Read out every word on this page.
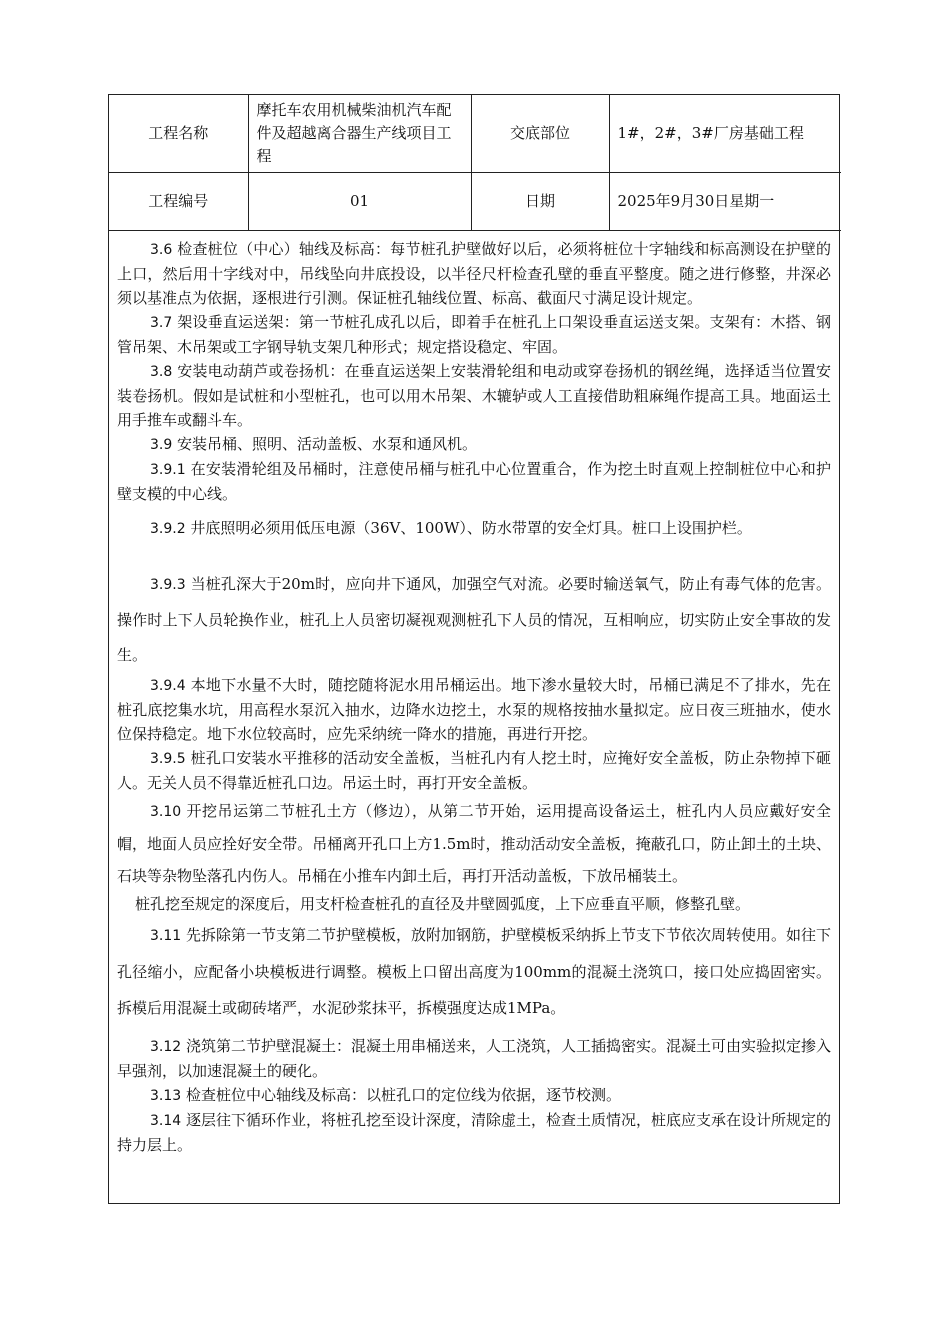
工程名称	摩托车农用机械柴油机汽车配件及超越离合器生产线项目工程	交底部位	1#，2#，3#厂房基础工程
工程编号	01	日期	2025年9月30日星期一

3.6 检查桩位（中心）轴线及标高：每节桩孔护壁做好以后，必须将桩位十字轴线和标高测设在护壁的上口，然后用十字线对中，吊线坠向井底投设，以半径尺杆检查孔壁的垂直平整度。随之进行修整，井深必须以基准点为依据，逐根进行引测。保证桩孔轴线位置、标高、截面尺寸满足设计规定。

3.7 架设垂直运送架：第一节桩孔成孔以后，即着手在桩孔上口架设垂直运送支架。支架有：木搭、钢管吊架、木吊架或工字钢导轨支架几种形式；规定搭设稳定、牢固。

3.8 安装电动葫芦或卷扬机：在垂直运送架上安装滑轮组和电动或穿卷扬机的钢丝绳，选择适当位置安装卷扬机。假如是试桩和小型桩孔，也可以用木吊架、木辘轳或人工直接借助粗麻绳作提高工具。地面运土用手推车或翻斗车。

3.9 安装吊桶、照明、活动盖板、水泵和通风机。

3.9.1 在安装滑轮组及吊桶时，注意使吊桶与桩孔中心位置重合，作为挖土时直观上控制桩位中心和护壁支模的中心线。

3.9.2 井底照明必须用低压电源（36V、100W）、防水带罩的安全灯具。桩口上设围护栏。

3.9.3 当桩孔深大于20m时，应向井下通风，加强空气对流。必要时输送氧气，防止有毒气体的危害。操作时上下人员轮换作业，桩孔上人员密切凝视观测桩孔下人员的情况，互相响应，切实防止安全事故的发生。

3.9.4 本地下水量不大时，随挖随将泥水用吊桶运出。地下渗水量较大时，吊桶已满足不了排水，先在桩孔底挖集水坑，用高程水泵沉入抽水，边降水边挖土，水泵的规格按抽水量拟定。应日夜三班抽水，使水位保持稳定。地下水位较高时，应先采纳统一降水的措施，再进行开挖。

3.9.5 桩孔口安装水平推移的活动安全盖板，当桩孔内有人挖土时，应掩好安全盖板，防止杂物掉下砸人。无关人员不得靠近桩孔口边。吊运土时，再打开安全盖板。

3.10 开挖吊运第二节桩孔土方（修边），从第二节开始，运用提高设备运土，桩孔内人员应戴好安全帽，地面人员应拴好安全带。吊桶离开孔口上方1.5m时，推动活动安全盖板，掩蔽孔口，防止卸土的土块、石块等杂物坠落孔内伤人。吊桶在小推车内卸土后，再打开活动盖板，下放吊桶装土。

桩孔挖至规定的深度后，用支杆检查桩孔的直径及井壁圆弧度，上下应垂直平顺，修整孔壁。

3.11 先拆除第一节支第二节护壁模板，放附加钢筋，护壁模板采纳拆上节支下节依次周转使用。如往下孔径缩小，应配备小块模板进行调整。模板上口留出高度为100mm的混凝土浇筑口，接口处应捣固密实。拆模后用混凝土或砌砖堵严，水泥砂浆抹平，拆模强度达成1MPa。

3.12 浇筑第二节护壁混凝土：混凝土用串桶送来，人工浇筑，人工插捣密实。混凝土可由实验拟定掺入早强剂，以加速混凝土的硬化。

3.13 检查桩位中心轴线及标高：以桩孔口的定位线为依据，逐节校测。

3.14 逐层往下循环作业，将桩孔挖至设计深度，清除虚土，检查土质情况，桩底应支承在设计所规定的持力层上。
